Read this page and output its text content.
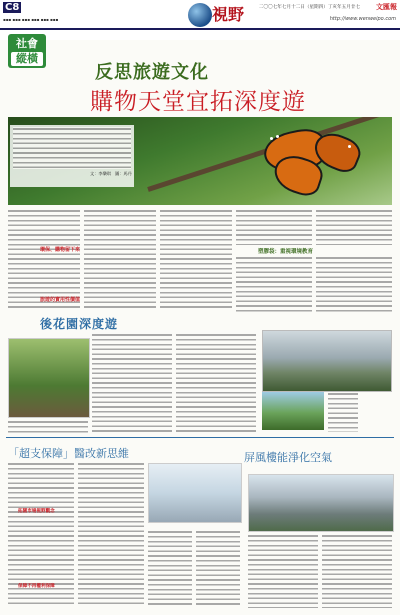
C8
▪▪▪ ▪▪▪ ▪▪▪ ▪▪▪ ▪▪▪ ▪▪▪	視野	二〇〇七年七月十二日（星期四）丁亥年五月廿七 文匯報
http://www.wenweipo.com
社會
縱橫
反思旅遊文化
購物天堂宜拓深度遊
文：李樂琪　圖：馬丹
環保、購物留下來
旅遊的實用性價值
塑膠袋：重視環境教育
後花園深度遊
「超支保障」醫改新思維	屏風樓能淨化空氣
拓闊市場視野觀念
保障不再權利保障
